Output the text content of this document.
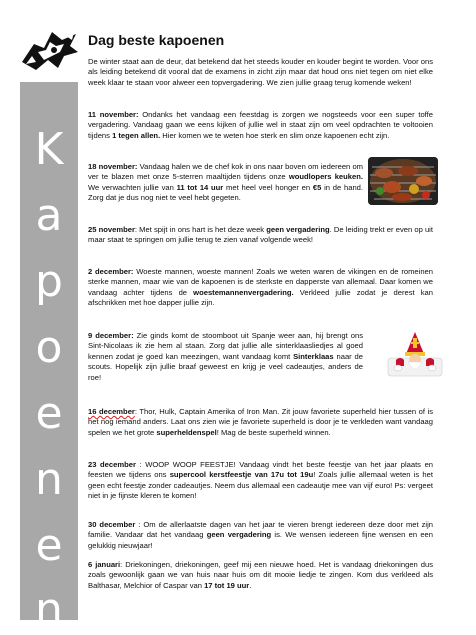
K
a
p
o
e
n
e
n
Dag beste kapoenen

De winter staat aan de deur, dat betekend dat het steeds kouder en kouder begint te worden. Voor ons als leiding betekend dit vooral dat de examens in zicht zijn maar dat houd ons niet tegen om niet elke week klaar te staan voor alweer een topvergadering. We zien jullie graag terug komende weken!

11 november: Ondanks het vandaag een feestdag is zorgen we nogsteeds voor een super toffe vergadering. Vandaag gaan we eens kijken of jullie wel in staat zijn om veel opdrachten te voltooien tijdens 1 tegen allen. Hier komen we te weten hoe sterk en slim onze kapoenen echt zijn.

18 november: Vandaag halen we de chef kok in ons naar boven om iedereen om ver te blazen met onze 5-sterren maaltijden tijdens onze woudlopers keuken. We verwachten jullie van 11 tot 14 uur met heel veel honger en €5 in de hand. Zorg dat je dus nog niet te veel hebt gegeten.

25 november: Met spijt in ons hart is het deze week geen vergadering. De leiding trekt er even op uit maar staat te springen om jullie terug te zien vanaf volgende week!

2 december: Woeste mannen, woeste mannen! Zoals we weten waren de vikingen en de romeinen sterke mannen, maar wie van de kapoenen is de sterkste en dapperste van allemaal. Daar komen we vandaag achter tijdens de woestemannenvergadering. Verkleed jullie zodat je derest kan afschrikken met hoe dapper jullie zijn.

9 december: Zie ginds komt de stoomboot uit Spanje weer aan, hij brengt ons Sint-Nicolaas ik zie hem al staan. Zorg dat jullie alle sinterklaasliedjes al goed kennen zodat je goed kan meezingen, want vandaag komt Sinterklaas naar de scouts. Hopelijk zijn jullie braaf geweest en krijg je veel cadeautjes, anders de roe!

16 december: Thor, Hulk, Captain Amerika of Iron Man. Zit jouw favoriete superheld hier tussen of is het nog iemand anders. Laat ons zien wie je favoriete superheld is door je te verkleden want vandaag spelen we het grote superheldenspel! Mag de beste superheld winnen.

23 december : WOOP WOOP FEESTJE! Vandaag vindt het beste feestje van het jaar plaats en feesten we tijdens ons supercool kerstfeestje van 17u tot 19u! Zoals jullie allemaal weten is het geen echt feestje zonder cadeautjes. Neem dus allemaal een cadeautje mee van vijf euro! Ps: vergeet niet in je fijnste kleren te komen!

30 december : Om de allerlaatste dagen van het jaar te vieren brengt iedereen deze door met zijn familie. Vandaar dat het vandaag geen vergadering is. We wensen iedereen fijne wensen en een gelukkig nieuwjaar!

6 januari: Driekoningen, driekoningen, geef mij een nieuwe hoed. Het is vandaag driekoningen dus zoals gewoonlijk gaan we van huis naar huis om dit mooie liedje te zingen. Kom dus verkleed als Balthasar, Melchior of Caspar van 17 tot 19 uur.
